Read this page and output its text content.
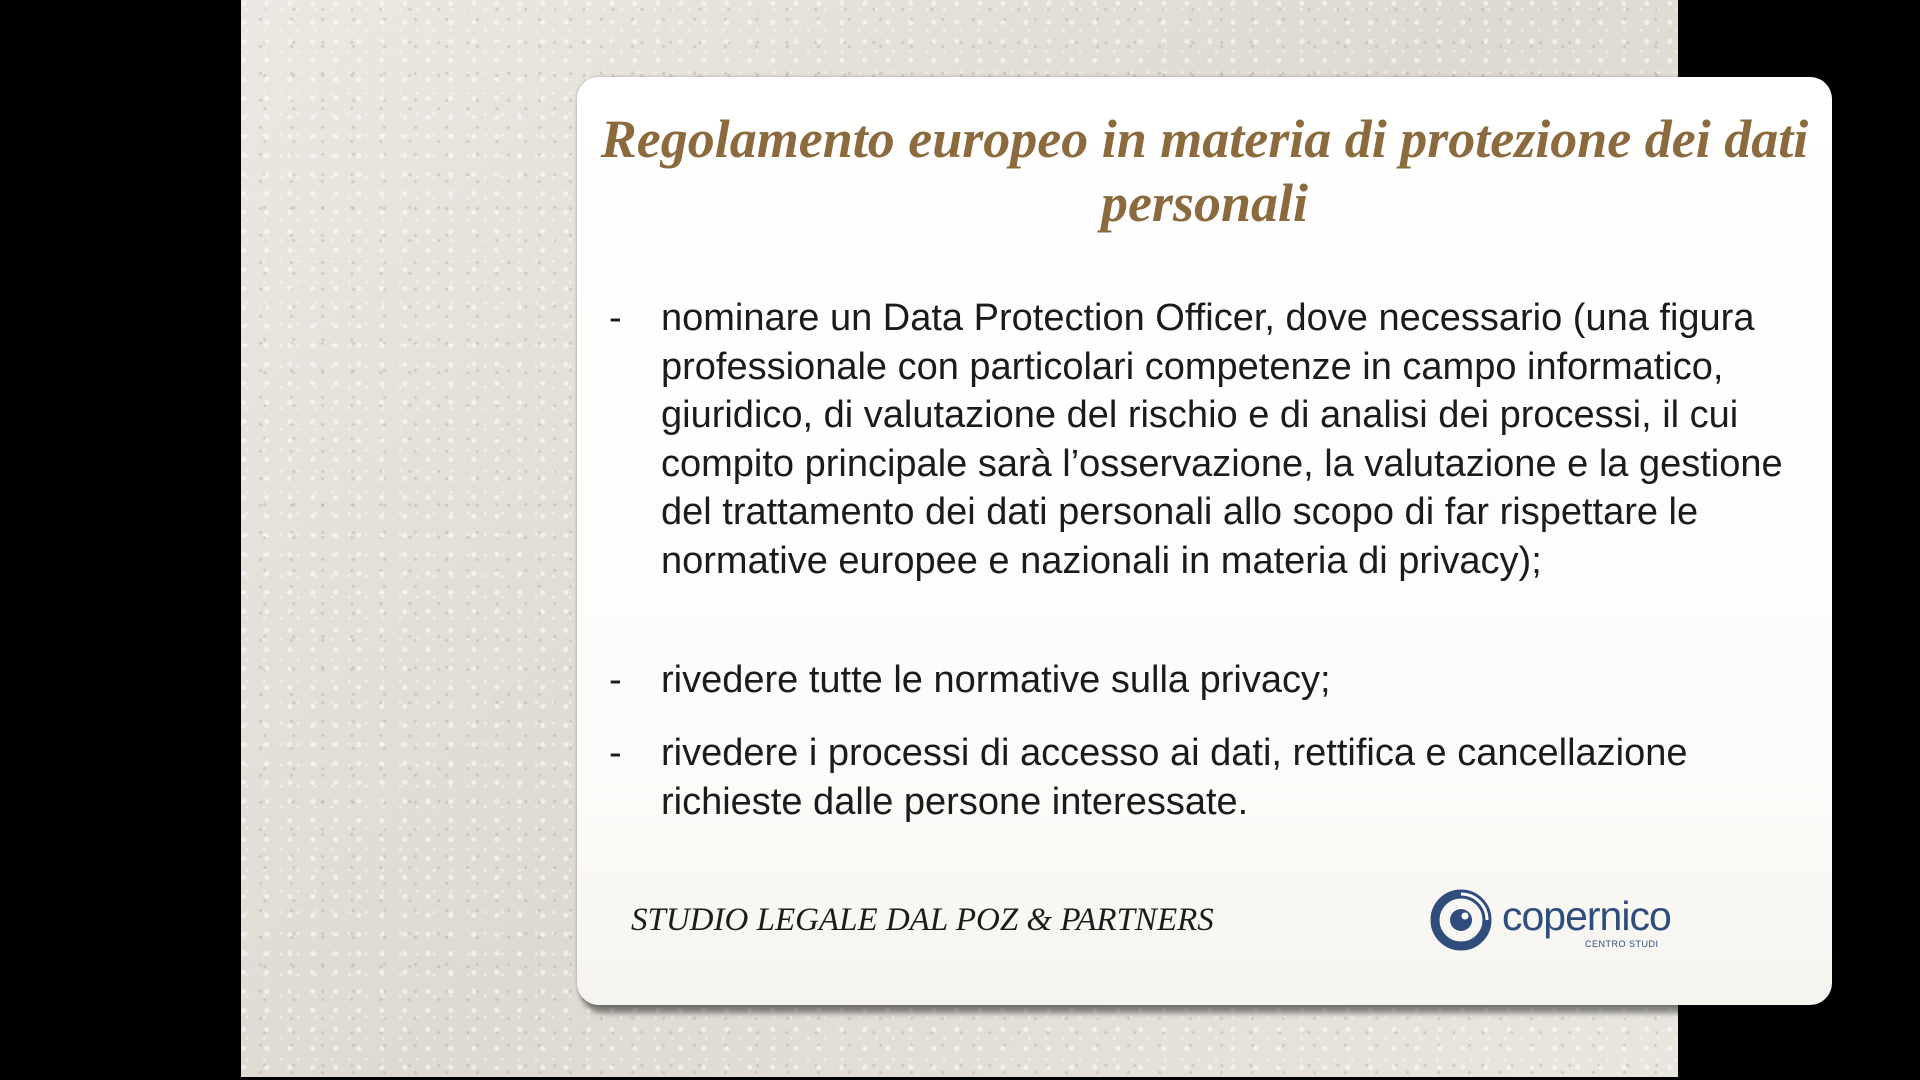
Regolamento europeo in materia di protezione dei dati personali
-	nominare un Data Protection Officer, dove necessario (una figura professionale con particolari competenze in campo informatico, giuridico, di valutazione del rischio e di analisi dei processi, il cui compito principale sarà l’osservazione, la valutazione e la gestione del trattamento dei dati personali allo scopo di far rispettare le normative europee e nazionali in materia di privacy);
-	rivedere tutte le normative sulla privacy;
-	rivedere i processi di accesso ai dati, rettifica e cancellazione richieste dalle persone interessate.

STUDIO LEGALE DAL POZ & PARTNERS	copernico
CENTRO STUDI
